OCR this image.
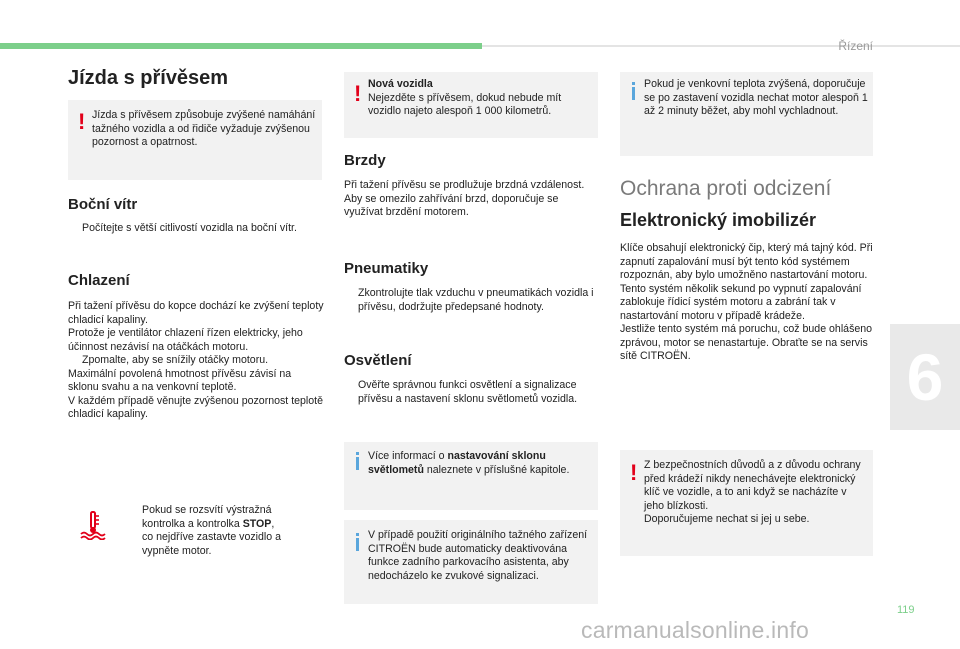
Řízení
Jízda s přívěsem
! Jízda s přívěsem způsobuje zvýšené namáhání tažného vozidla a od řidiče vyžaduje zvýšenou pozornost a opatrnost.
Boční vítr
Počítejte s větší citlivostí vozidla na boční vítr.
Chlazení

Při tažení přívěsu do kopce dochází ke zvýšení teploty chladicí kapaliny.

Protože je ventilátor chlazení řízen elektricky, jeho účinnost nezávisí na otáčkách motoru.

Zpomalte, aby se snížily otáčky motoru.

Maximální povolená hmotnost přívěsu závisí na sklonu svahu a na venkovní teplotě.

V každém případě věnujte zvýšenou pozornost teplotě chladicí kapaliny.

Pokud se rozsvítí výstražná

kontrolka a kontrolka STOP,

co nejdříve zastavte vozidlo a

vypněte motor.

! Nová vozidla

Nejezděte s přívěsem, dokud nebude mít vozidlo najeto alespoň 1 000 kilometrů.

Brzdy

Při tažení přívěsu se prodlužuje brzdná vzdálenost.

Aby se omezilo zahřívání brzd, doporučuje se využívat brzdění motorem.

Pneumatiky
Zkontrolujte tlak vzduchu v pneumatikách vozidla i přívěsu, dodržujte předepsané hodnoty.
Osvětlení
Ověřte správnou funkci osvětlení a signalizace přívěsu a nastavení sklonu světlometů vozidla.
Více informací o nastavování sklonu světlometů naleznete v příslušné kapitole.
V případě použití originálního tažného zařízení CITROËN bude automaticky deaktivována funkce zadního parkovacího asistenta, aby nedocházelo ke zvukové signalizaci.
Pokud je venkovní teplota zvýšená, doporučuje se po zastavení vozidla nechat motor alespoň 1 až 2 minuty běžet, aby mohl vychladnout.
Ochrana proti odcizení
Elektronický imobilizér

Klíče obsahují elektronický čip, který má tajný kód. Při zapnutí zapalování musí být tento kód systémem rozpoznán, aby bylo umožněno nastartování motoru.

Tento systém několik sekund po vypnutí zapalování zablokuje řídicí systém motoru a zabrání tak v nastartování motoru v případě krádeže.

Jestliže tento systém má poruchu, což bude ohlášeno zprávou, motor se nenastartuje. Obraťte se na servis sítě CITROËN.

! Z bezpečnostních důvodů a z důvodu ochrany před krádeží nikdy nenechávejte elektronický klíč ve vozidle, a to ani když se nacházíte v jeho blízkosti.

Doporučujeme nechat si jej u sebe.

6
119
carmanualsonline.info
